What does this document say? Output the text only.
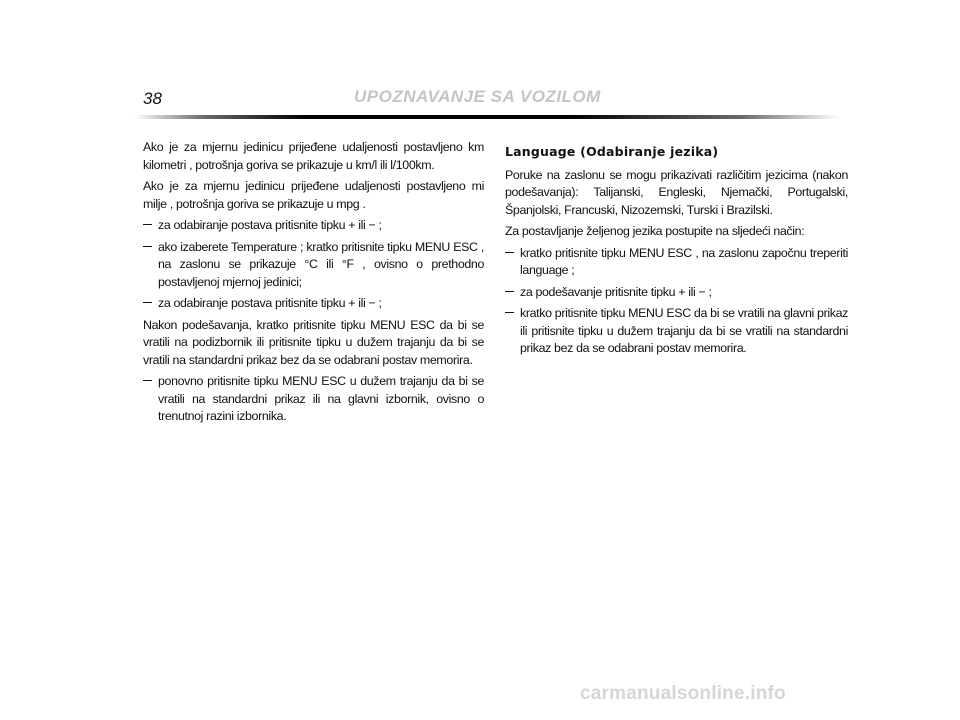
38	UPOZNAVANJE SA VOZILOM

Ako je za mjernu jedinicu prijeđene udaljenosti postavljeno km kilometri , potrošnja goriva se prikazuje u km/l ili l/100km.

Ako je za mjernu jedinicu prijeđene udaljenosti postavljeno mi milje , potrošnja goriva se prikazuje u mpg .

za odabiranje postava pritisnite tipku + ili − ;

ako izaberete Temperature ; kratko pritisnite tipku MENU ESC , na zaslonu se prikazuje °C ili °F , ovisno o prethodno postavljenoj mjernoj jedinici;

za odabiranje postava pritisnite tipku + ili − ;

Nakon podešavanja, kratko pritisnite tipku MENU ESC da bi se vratili na podizbornik ili pritisnite tipku u dužem trajanju da bi se vratili na standardni prikaz bez da se odabrani postav memorira.

ponovno pritisnite tipku MENU ESC u dužem trajanju da bi se vratili na standardni prikaz ili na glavni izbornik, ovisno o trenutnoj razini izbornika.

Language (Odabiranje jezika)

Poruke na zaslonu se mogu prikazivati različitim jezicima (nakon podešavanja): Talijanski, Engleski, Njemački, Portugalski, Španjolski, Francuski, Nizozemski, Turski i Brazilski.

Za postavljanje željenog jezika postupite na sljedeći način:

kratko pritisnite tipku MENU ESC , na zaslonu započnu treperiti language ;

za podešavanje pritisnite tipku + ili − ;

kratko pritisnite tipku MENU ESC da bi se vratili na glavni prikaz ili pritisnite tipku u dužem trajanju da bi se vratili na standardni prikaz bez da se odabrani postav memorira.

carmanualsonline.info
